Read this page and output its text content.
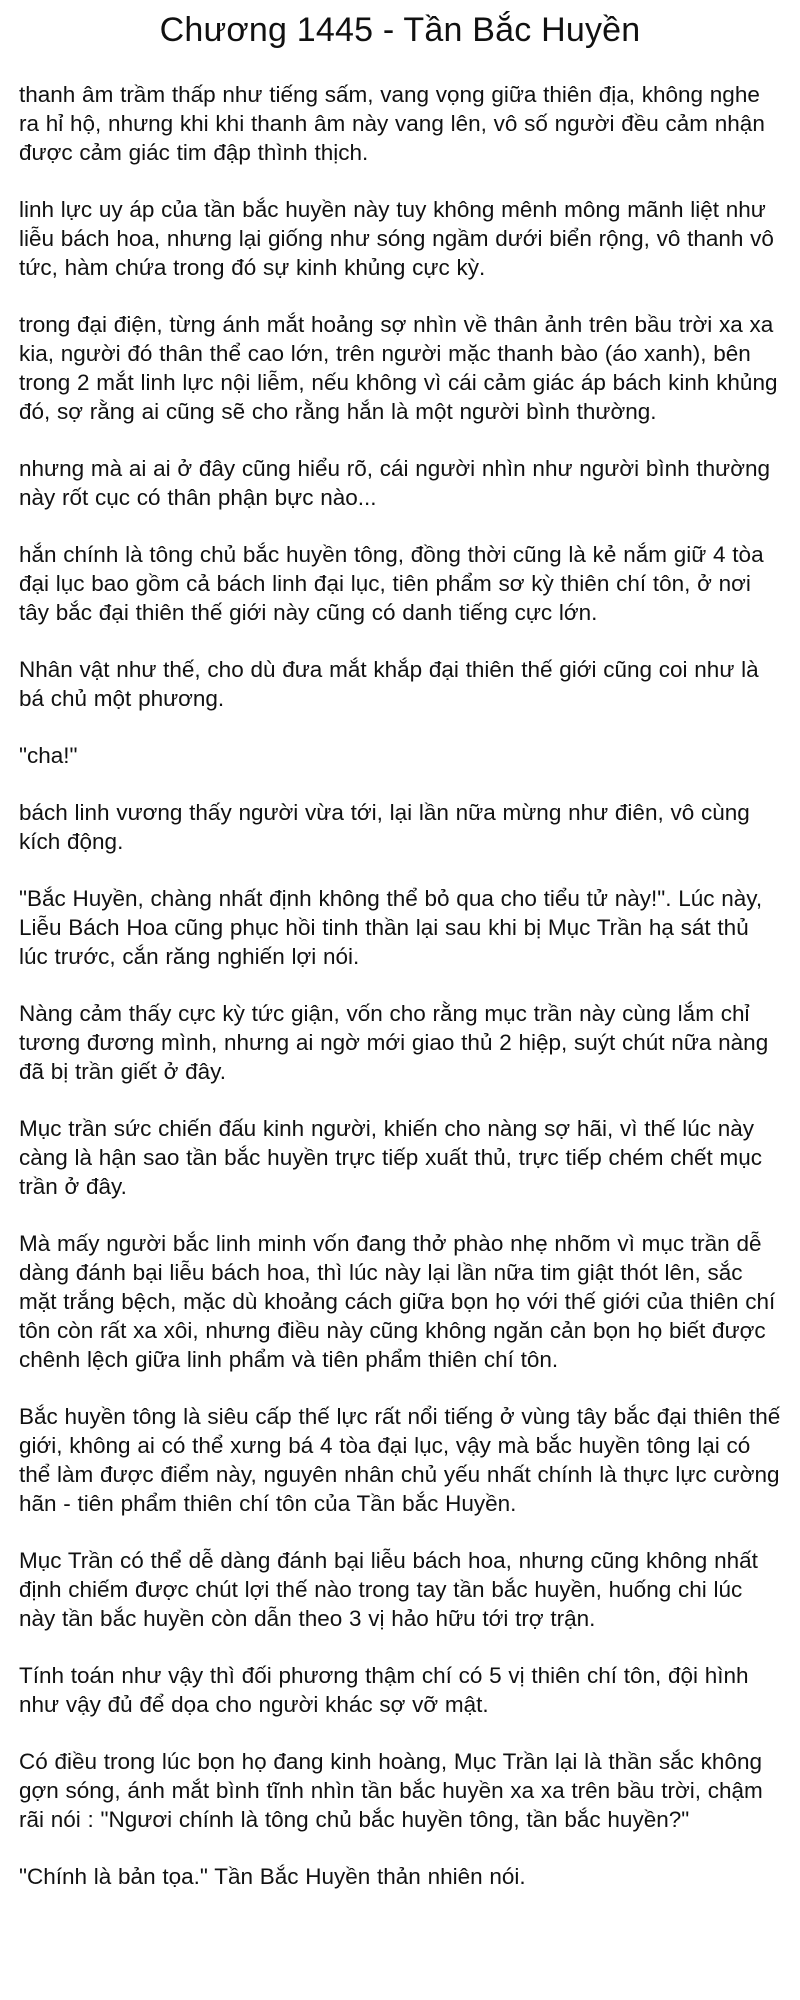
Chương 1445 - Tần Bắc Huyền

thanh âm trầm thấp như tiếng sấm, vang vọng giữa thiên địa, không nghe ra hỉ hộ, nhưng khi khi thanh âm này vang lên, vô số người đều cảm nhận được cảm giác tim đập thình thịch.

linh lực uy áp của tần bắc huyền này tuy không mênh mông mãnh liệt như liễu bách hoa, nhưng lại giống như sóng ngầm dưới biển rộng, vô thanh vô tức, hàm chứa trong đó sự kinh khủng cực kỳ.

trong đại điện, từng ánh mắt hoảng sợ nhìn về thân ảnh trên bầu trời xa xa kia, người đó thân thể cao lớn, trên người mặc thanh bào (áo xanh), bên trong 2 mắt linh lực nội liễm, nếu không vì cái cảm giác áp bách kinh khủng đó, sợ rằng ai cũng sẽ cho rằng hắn là một người bình thường.

nhưng mà ai ai ở đây cũng hiểu rõ, cái người nhìn như người bình thường này rốt cục có thân phận bực nào...

hắn chính là tông chủ bắc huyền tông, đồng thời cũng là kẻ nắm giữ 4 tòa đại lục bao gồm cả bách linh đại lục, tiên phẩm sơ kỳ thiên chí tôn, ở nơi tây bắc đại thiên thế giới này cũng có danh tiếng cực lớn.

Nhân vật như thế, cho dù đưa mắt khắp đại thiên thế giới cũng coi như là bá chủ một phương.

"cha!"

bách linh vương thấy người vừa tới, lại lần nữa mừng như điên, vô cùng kích động.

"Bắc Huyền, chàng nhất định không thể bỏ qua cho tiểu tử này!". Lúc này, Liễu Bách Hoa cũng phục hồi tinh thần lại sau khi bị Mục Trần hạ sát thủ lúc trước, cắn răng nghiến lợi nói.

Nàng cảm thấy cực kỳ tức giận, vốn cho rằng mục trần này cùng lắm chỉ tương đương mình, nhưng ai ngờ mới giao thủ 2 hiệp, suýt chút nữa nàng đã bị trần giết ở đây.

Mục trần sức chiến đấu kinh người, khiến cho nàng sợ hãi, vì thế lúc này càng là hận sao tần bắc huyền trực tiếp xuất thủ, trực tiếp chém chết mục trần ở đây.

Mà mấy người bắc linh minh vốn đang thở phào nhẹ nhõm vì mục trần dễ dàng đánh bại liễu bách hoa, thì lúc này lại lần nữa tim giật thót lên, sắc mặt trắng bệch, mặc dù khoảng cách giữa bọn họ với thế giới của thiên chí tôn còn rất xa xôi, nhưng điều này cũng không ngăn cản bọn họ biết được chênh lệch giữa linh phẩm và tiên phẩm thiên chí tôn.

Bắc huyền tông là siêu cấp thế lực rất nổi tiếng ở vùng tây bắc đại thiên thế giới, không ai có thể xưng bá 4 tòa đại lục, vậy mà bắc huyền tông lại có thể làm được điểm này, nguyên nhân chủ yếu nhất chính là thực lực cường hãn - tiên phẩm thiên chí tôn của Tần bắc Huyền.

Mục Trần có thể dễ dàng đánh bại liễu bách hoa, nhưng cũng không nhất định chiếm được chút lợi thế nào trong tay tần bắc huyền, huống chi lúc này tần bắc huyền còn dẫn theo 3 vị hảo hữu tới trợ trận.

Tính toán như vậy thì đối phương thậm chí có 5 vị thiên chí tôn, đội hình như vậy đủ để dọa cho người khác sợ vỡ mật.

Có điều trong lúc bọn họ đang kinh hoàng, Mục Trần lại là thần sắc không gợn sóng, ánh mắt bình tĩnh nhìn tần bắc huyền xa xa trên bầu trời, chậm rãi nói : "Ngươi chính là tông chủ bắc huyền tông, tần bắc huyền?"

"Chính là bản tọa." Tần Bắc Huyền thản nhiên nói.
